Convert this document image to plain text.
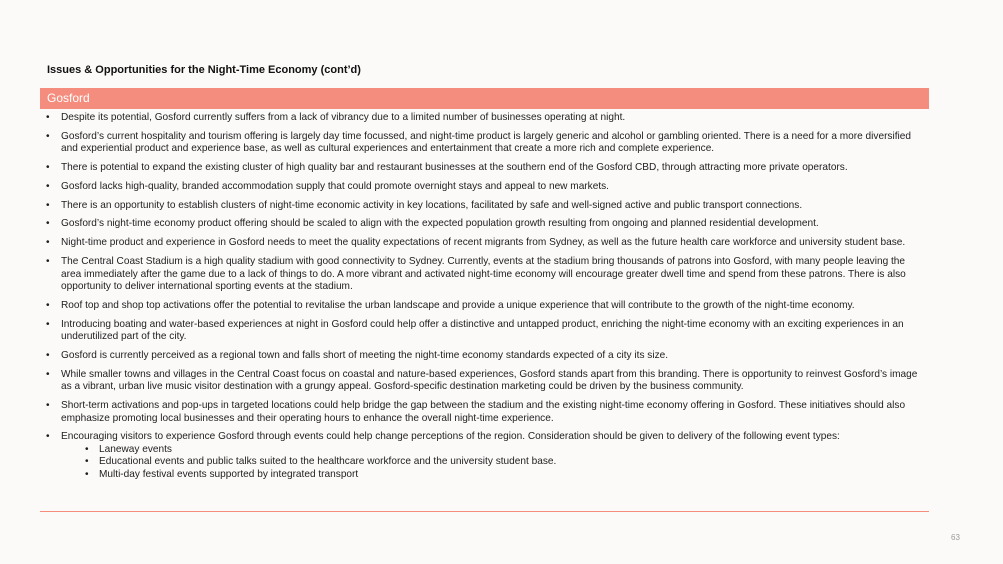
Issues & Opportunities for the Night-Time Economy (cont’d)
Gosford
• Despite its potential, Gosford currently suffers from a lack of vibrancy due to a limited number of businesses operating at night.
• Gosford’s current hospitality and tourism offering is largely day time focussed, and night-time product is largely generic and alcohol or gambling oriented. There is a need for a more diversified and experiential product and experience base, as well as cultural experiences and entertainment that create a more rich and complete experience.
• There is potential to expand the existing cluster of high quality bar and restaurant businesses at the southern end of the Gosford CBD, through attracting more private operators.
• Gosford lacks high-quality, branded accommodation supply that could promote overnight stays and appeal to new markets.
• There is an opportunity to establish clusters of night-time economic activity in key locations, facilitated by safe and well-signed active and public transport connections.
• Gosford’s night-time economy product offering should be scaled to align with the expected population growth resulting from ongoing and planned residential development.
• Night-time product and experience in Gosford needs to meet the quality expectations of recent migrants from Sydney, as well as the future health care workforce and university student base.
• The Central Coast Stadium is a high quality stadium with good connectivity to Sydney. Currently, events at the stadium bring thousands of patrons into Gosford, with many people leaving the area immediately after the game due to a lack of things to do. A more vibrant and activated night-time economy will encourage greater dwell time and spend from these patrons. There is also opportunity to deliver international sporting events at the stadium.
• Roof top and shop top activations offer the potential to revitalise the urban landscape and provide a unique experience that will contribute to the growth of the night-time economy.
• Introducing boating and water-based experiences at night in Gosford could help offer a distinctive and untapped product, enriching the night-time economy with an exciting experiences in an underutilized part of the city.
• Gosford is currently perceived as a regional town and falls short of meeting the night-time economy standards expected of a city its size.
• While smaller towns and villages in the Central Coast focus on coastal and nature-based experiences, Gosford stands apart from this branding. There is opportunity to reinvest Gosford’s image as a vibrant, urban live music visitor destination with a grungy appeal. Gosford-specific destination marketing could be driven by the business community.
• Short-term activations and pop-ups in targeted locations could help bridge the gap between the stadium and the existing night-time economy offering in Gosford. These initiatives should also emphasize promoting local businesses and their operating hours to enhance the overall night-time experience.
• Encouraging visitors to experience Gosford through events could help change perceptions of the region. Consideration should be given to delivery of the following event types:
• Laneway events
• Educational events and public talks suited to the healthcare workforce and the university student base.
• Multi-day festival events supported by integrated transport
63
